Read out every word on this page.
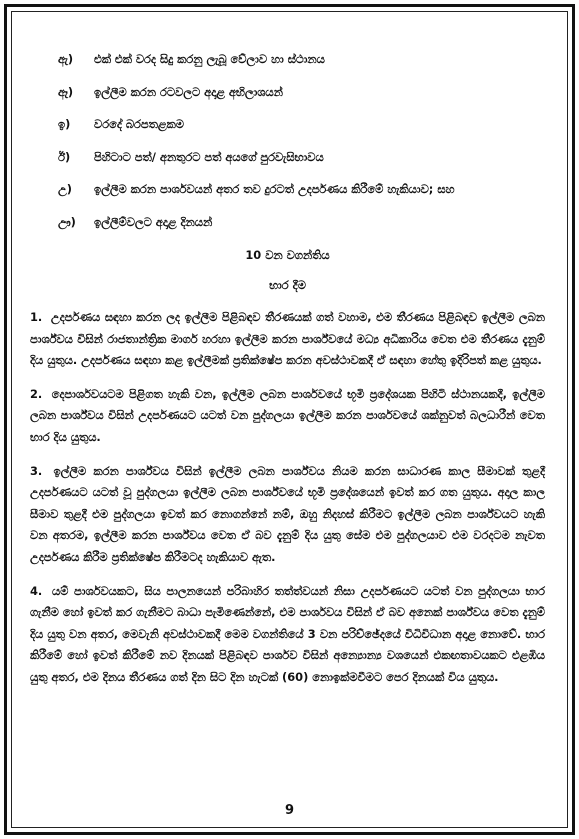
ඇ)	එක් එක් වරද සිදු කරනු ලැබූ වේලාව හා ස්ථානය
ඈ)	ඉල්ලීම කරන රටවලට අදාළ අභිලාශයන්
ඉ)	වරදේ බරපතළකම
ඊ)	පිහිටාට පත්/ අනතුරට පත් අයගේ පුරවැසිභාවය
උ)	ඉල්ලීම කරන පාර්ශවයන් අතර තව දුරටත් උදර්පණය කිරීමේ හැකියාව; සහ
ඌ)	ඉල්ලීම්වලට අදාළ දිනයන්
10 වන වගන්තිය
භාර දීම
1. උදර්පණය සඳහා කරන ලද ඉල්ලීම පිළිබඳව තීරණයක් ගත් වහාම, එම තීරණය පිළිබඳව ඉල්ලීම ලබන පාර්ශ්වය විසින් රාජතාන්ත්‍රික මාර්ග හරහා ඉල්ලීම කරන පාර්ශ්වයේ මධ්‍ය අධිකාරිය වෙත එම තීරණය දැනුම් දිය යුතුය. උදර්පණය සඳහා කළ ඉල්ලීමක් ප්‍රතික්ෂේප කරන අවස්ථාවකදී ඒ සඳහා හේතු ඉදිරිපත් කළ යුතුය.
2. දෙපාර්ශවයටම පිළිගත හැකි වන, ඉල්ලීම ලබන පාර්ශවයේ භූමි ප්‍රදේශයක පිහිටි ස්ථානයකදී, ඉල්ලීම ලබන පාර්ශ්වය විසින් උදර්පණයට යටත් වන පුද්ගලයා ඉල්ලීම කරන පාර්ශවයේ ශක්නුවත් බලධාරීන් වෙත භාර දිය යුතුය.
3. ඉල්ලීම කරන පාර්ශ්වය විසින් ඉල්ලීම ලබන පාර්ශ්වය නියම කරන සාධාරණ කාල සීමාවක් තුළදී උදර්පණයට යටත් වූ පුද්ගලයා ඉල්ලීම ලබන පාර්ශ්වයේ භූමි ප්‍රදේශයෙන් ඉවත් කර ගත යුතුය. අදාල කාල සීමාව තුළදී එම පුද්ගලයා ඉවත් කර නොගන්නේ නම්, ඔහු නිදහස් කිරීමට ඉල්ලීම ලබන පාර්ශ්වයට හැකි වන අතරම, ඉල්ලීම කරන පාර්ශ්වය වෙත ඒ බව දැනුම් දිය යුතු සේම එම පුද්ගලයාව එම වරදටම නැවත උදර්පණය කිරීම ප්‍රතික්ෂේප කිරීමටද හැකියාව ඇත.
4. යම් පාර්ශවයකට, සිය පාලනයෙන් පරිබාහිර තත්ත්වයන් නිසා උදර්පණයට යටත් වන පුද්ගලයා භාර ගැනීම හෝ ඉවත් කර ගැනීමට බාධා පැමිණෙන්නේ, එම පාර්ශවය විසින් ඒ බව අනෙක් පාර්ශ්වය වෙත දැනුම් දිය යුතු වන අතර, මෙවැනි අවස්ථාවකදී මෙම වගන්තියේ 3 වන පරිච්ඡේදයේ විධිවිධාන අදාළ නොවේ. භාර කිරීමේ හෝ ඉවත් කිරීමේ නව දිනයක් පිළිබඳව පාර්ශව විසින් අන්‍යොන්‍ය වශයෙන් එකඟතාවයකට එළඹිය යුතු අතර, එම දිනය තීරණය ගත් දින සිට දින හැටක් (60) නොඉක්මවීමට පෙර දිනයක් විය යුතුය.
9
